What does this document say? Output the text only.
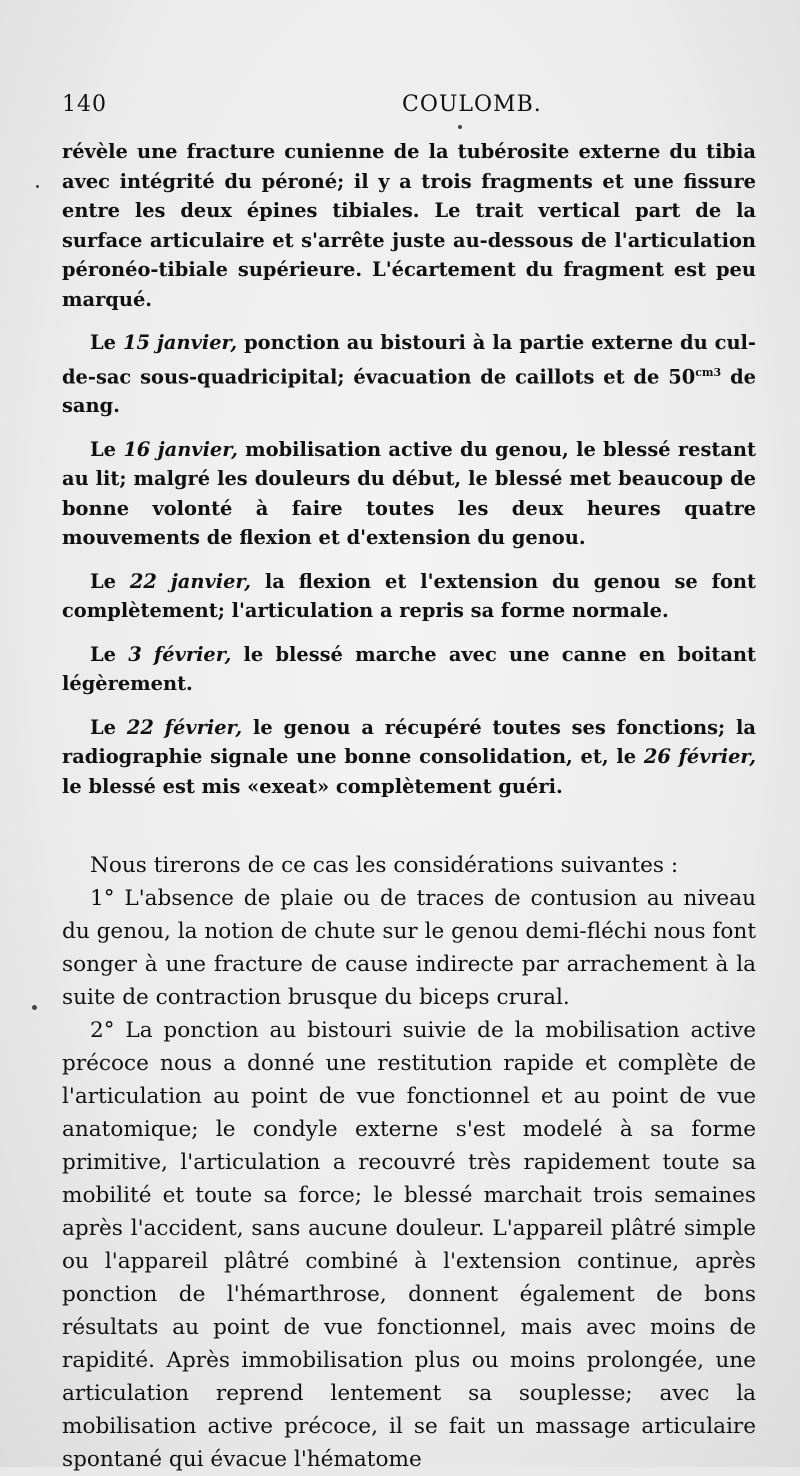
140	COULOMB.

révèle une fracture cunienne de la tubérosite externe du tibia avec intégrité du péroné; il y a trois fragments et une fissure entre les deux épines tibiales. Le trait vertical part de la surface articulaire et s'arrête juste au-dessous de l'articulation péronéo-tibiale supérieure. L'écartement du fragment est peu marqué.

Le 15 janvier, ponction au bistouri à la partie externe du cul-de-sac sous-quadricipital; évacuation de caillots et de $50^{cm3}$ de sang.

Le 16 janvier, mobilisation active du genou, le blessé restant au lit; malgré les douleurs du début, le blessé met beaucoup de bonne volonté à faire toutes les deux heures quatre mouvements de flexion et d'extension du genou.

Le 22 janvier, la flexion et l'extension du genou se font complètement; l'articulation a repris sa forme normale.

Le 3 février, le blessé marche avec une canne en boitant légèrement.

Le 22 février, le genou a récupéré toutes ses fonctions; la radiographie signale une bonne consolidation, et, le 26 février, le blessé est mis «exeat» complètement guéri.

Nous tirerons de ce cas les considérations suivantes :

1° L'absence de plaie ou de traces de contusion au niveau du genou, la notion de chute sur le genou demi-fléchi nous font songer à une fracture de cause indirecte par arrachement à la suite de contraction brusque du biceps crural.

2° La ponction au bistouri suivie de la mobilisation active précoce nous a donné une restitution rapide et complète de l'articulation au point de vue fonctionnel et au point de vue anatomique; le condyle externe s'est modelé à sa forme primitive, l'articulation a recouvré très rapidement toute sa mobilité et toute sa force; le blessé marchait trois semaines après l'accident, sans aucune douleur. L'appareil plâtré simple ou l'appareil plâtré combiné à l'extension continue, après ponction de l'hémarthrose, donnent également de bons résultats au point de vue fonctionnel, mais avec moins de rapidité. Après immobilisation plus ou moins prolongée, une articulation reprend lentement sa souplesse; avec la mobilisation active précoce, il se fait un massage articulaire spontané qui évacue l'hématome
